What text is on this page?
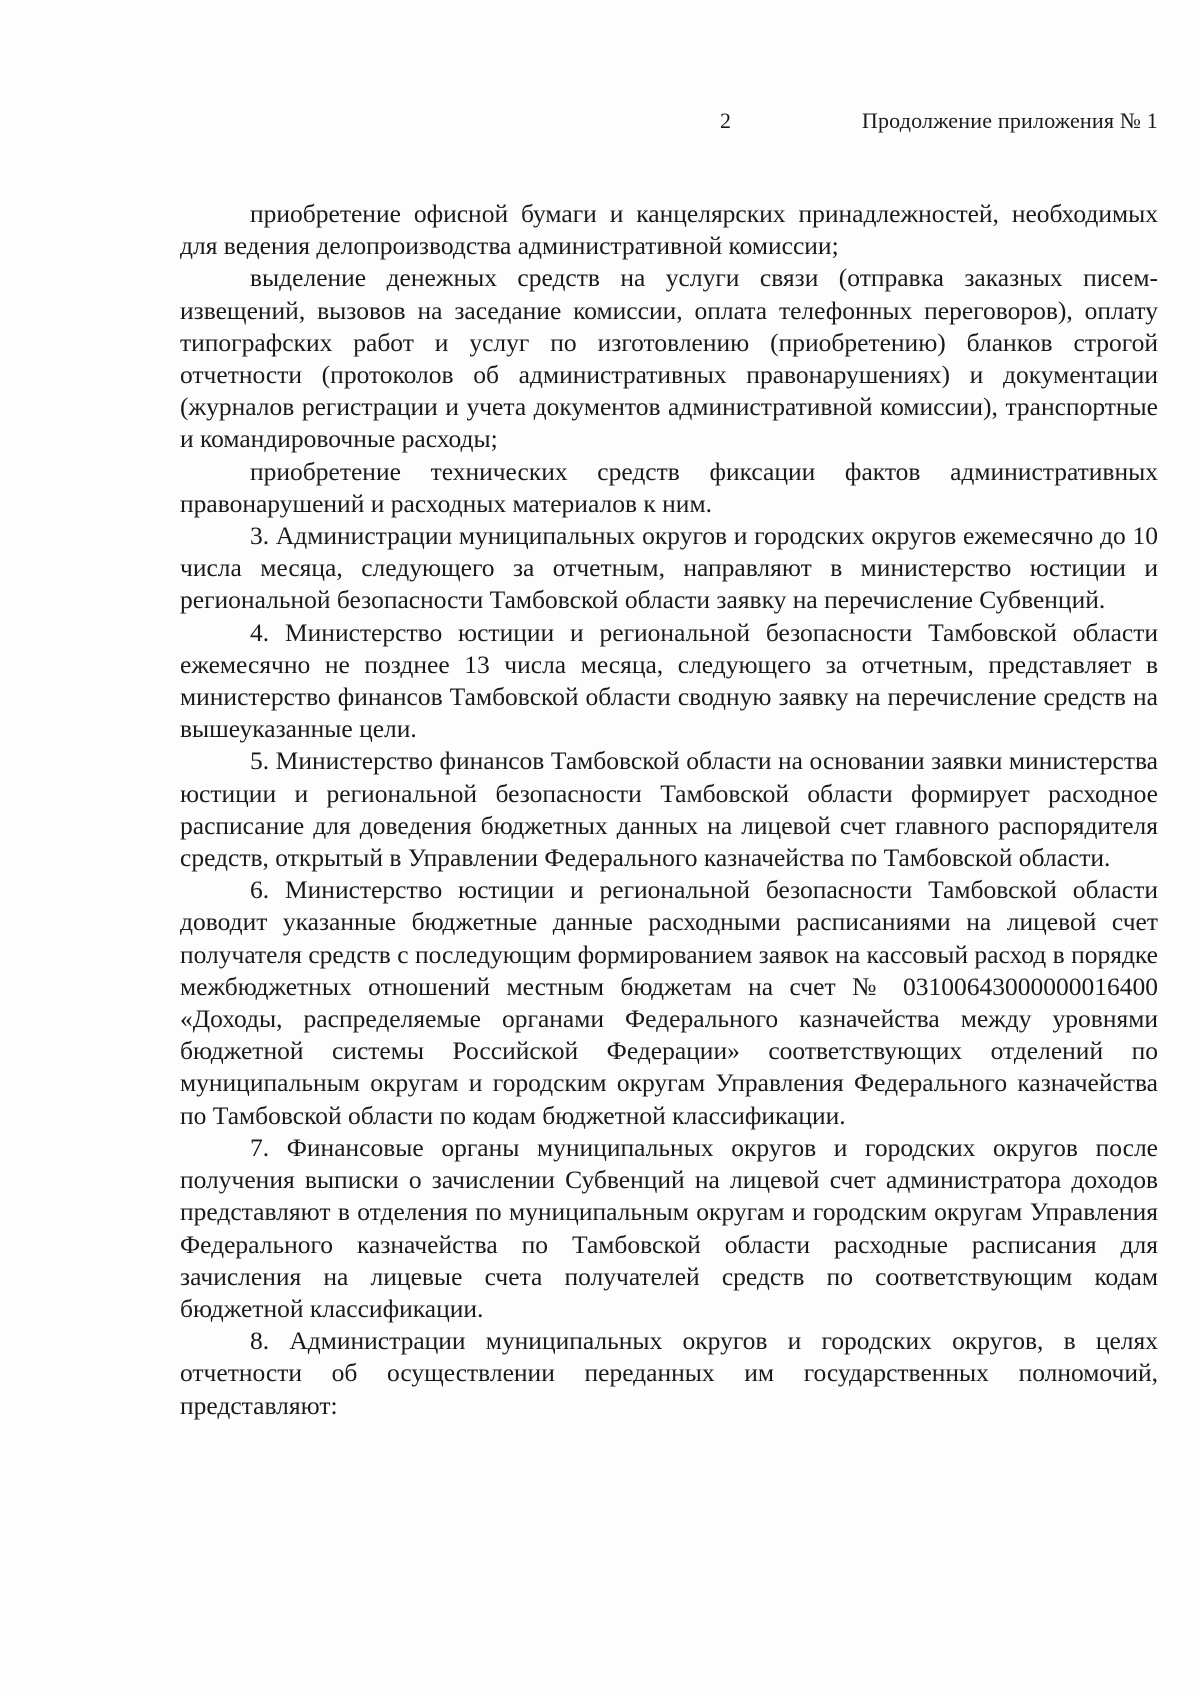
2	Продолжение приложения № 1

приобретение офисной бумаги и канцелярских принадлежностей, необходимых для ведения делопроизводства административной комиссии;

выделение денежных средств на услуги связи (отправка заказных писем-извещений, вызовов на заседание комиссии, оплата телефонных переговоров), оплату типографских работ и услуг по изготовлению (приобретению) бланков строгой отчетности (протоколов об административных правонарушениях) и документации (журналов регистрации и учета документов административной комиссии), транспортные и командировочные расходы;

приобретение технических средств фиксации фактов административных правонарушений и расходных материалов к ним.

3. Администрации муниципальных округов и городских округов ежемесячно до 10 числа месяца, следующего за отчетным, направляют в министерство юстиции и региональной безопасности Тамбовской области заявку на перечисление Субвенций.

4. Министерство юстиции и региональной безопасности Тамбовской области ежемесячно не позднее 13 числа месяца, следующего за отчетным, представляет в министерство финансов Тамбовской области сводную заявку на перечисление средств на вышеуказанные цели.

5. Министерство финансов Тамбовской области на основании заявки министерства юстиции и региональной безопасности Тамбовской области формирует расходное расписание для доведения бюджетных данных на лицевой счет главного распорядителя средств, открытый в Управлении Федерального казначейства по Тамбовской области.

6. Министерство юстиции и региональной безопасности Тамбовской области доводит указанные бюджетные данные расходными расписаниями на лицевой счет получателя средств с последующим формированием заявок на кассовый расход в порядке межбюджетных отношений местным бюджетам на счет № 03100643000000016400 «Доходы, распределяемые органами Федерального казначейства между уровнями бюджетной системы Российской Федерации» соответствующих отделений по муниципальным округам и городским округам Управления Федерального казначейства по Тамбовской области по кодам бюджетной классификации.

7. Финансовые органы муниципальных округов и городских округов после получения выписки о зачислении Субвенций на лицевой счет администратора доходов представляют в отделения по муниципальным округам и городским округам Управления Федерального казначейства по Тамбовской области расходные расписания для зачисления на лицевые счета получателей средств по соответствующим кодам бюджетной классификации.

8. Администрации муниципальных округов и городских округов, в целях отчетности об осуществлении переданных им государственных полномочий, представляют:
